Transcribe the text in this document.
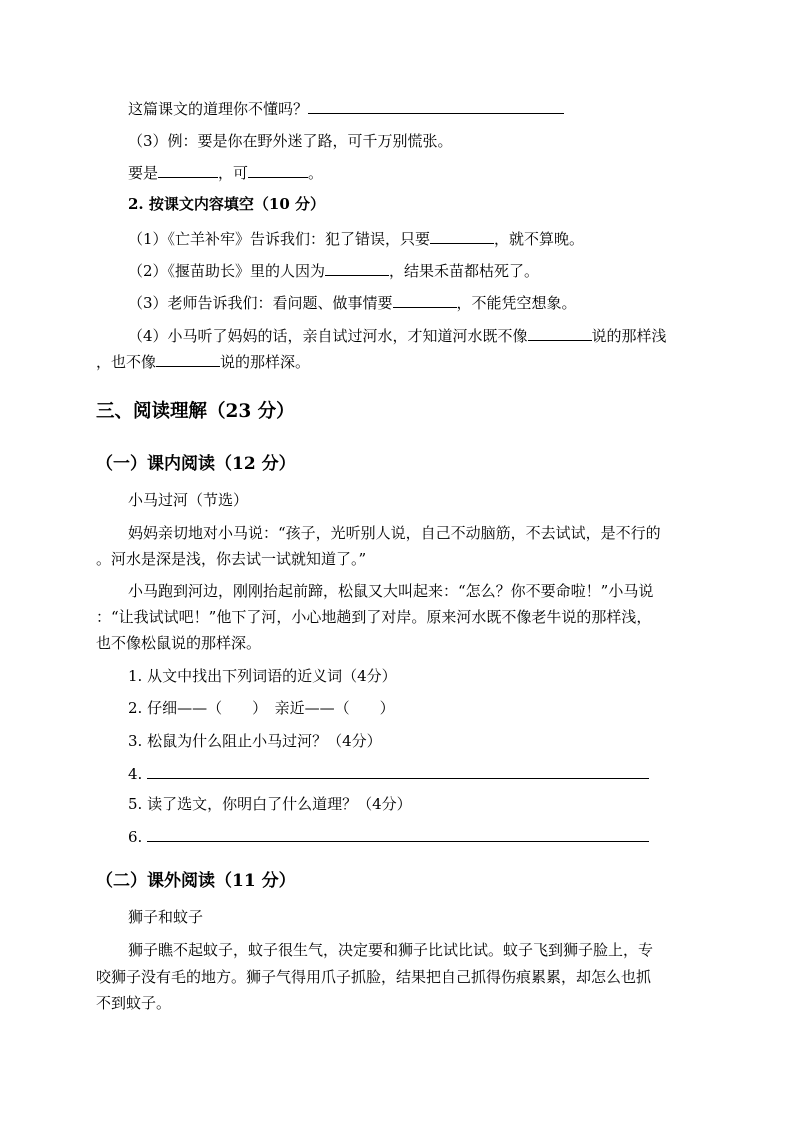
这篇课文的道理你不懂吗？
（3）例：要是你在野外迷了路，可千万别慌张。
要是	，可	。
2. 按课文内容填空（10 分）
（1）《亡羊补牢》告诉我们：犯了错误，只要	，就不算晚。
（2）《揠苗助长》里的人因为	，结果禾苗都枯死了。
（3）老师告诉我们：看问题、做事情要	，不能凭空想象。
（4）小马听了妈妈的话，亲自试过河水，才知道河水既不像	说的那样浅
，也不像	说的那样深。
三、阅读理解（23 分）
（一）课内阅读（12 分）
小马过河（节选）
妈妈亲切地对小马说：“孩子，光听别人说，自己不动脑筋，不去试试，是不行的
。河水是深是浅，你去试一试就知道了。”
小马跑到河边，刚刚抬起前蹄，松鼠又大叫起来：“怎么？你不要命啦！”小马说
：“让我试试吧！”他下了河，小心地趟到了对岸。原来河水既不像老牛说的那样浅，
也不像松鼠说的那样深。
1. 从文中找出下列词语的近义词（4分）
2. 仔细——（　　）　亲近——（　　）
3. 松鼠为什么阻止小马过河？（4分）
4.
5. 读了选文，你明白了什么道理？（4分）
6.
（二）课外阅读（11 分）
狮子和蚊子
狮子瞧不起蚊子，蚊子很生气，决定要和狮子比试比试。蚊子飞到狮子脸上，专
咬狮子没有毛的地方。狮子气得用爪子抓脸，结果把自己抓得伤痕累累，却怎么也抓
不到蚊子。
